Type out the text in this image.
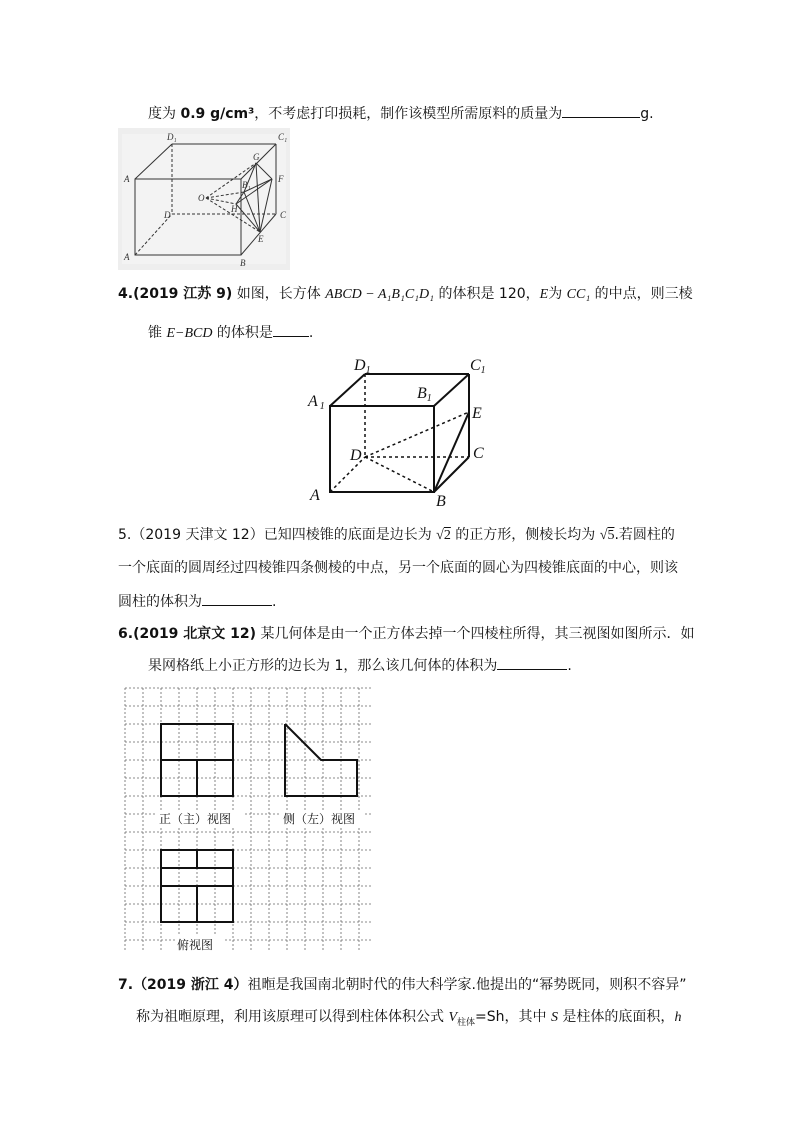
度为 0.9 g/cm³，不考虑打印损耗，制作该模型所需原料的质量为	g.
D₁	C₁
A
G
B₁
F
O
H
D	C
E
A
B
4.(2019 江苏 9) 如图，长方体 ABCD − A₁B₁C₁D₁ 的体积是 120，E为 CC₁ 的中点，则三棱
锥 E−BCD 的体积是	.
D1	C1
A 1
B1
E
D	C
A	B
5.（2019 天津文 12）已知四棱锥的底面是边长为 √2 的正方形，侧棱长均为 √5.若圆柱的
一个底面的圆周经过四棱锥四条侧棱的中点，另一个底面的圆心为四棱锥底面的中心，则该
圆柱的体积为	.
6.(2019 北京文 12) 某几何体是由一个正方体去掉一个四棱柱所得，其三视图如图所示．如
果网格纸上小正方形的边长为 1，那么该几何体的体积为	.
正（主）视图	侧（左）视图
俯视图
7.（2019 浙江 4）祖暅是我国南北朝时代的伟大科学家.他提出的“幂势既同，则积不容异”
称为祖暅原理，利用该原理可以得到柱体体积公式 $V_{柱体}=Sh$，其中 S 是柱体的底面积，h
